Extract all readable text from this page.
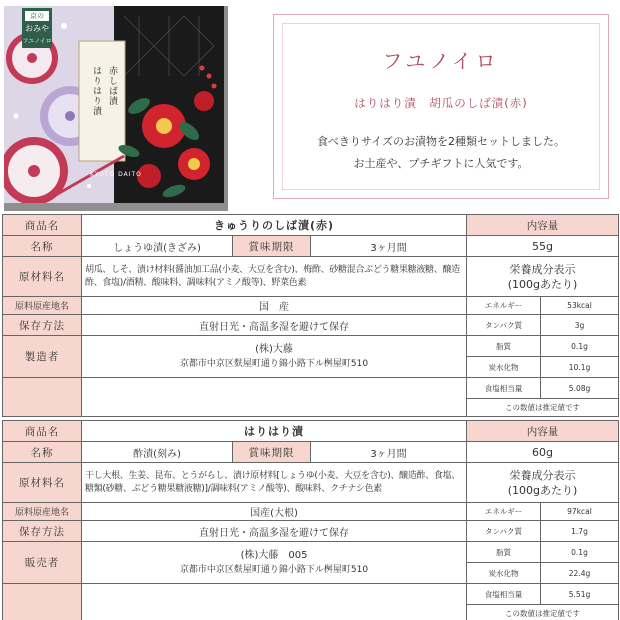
京の
おみや
フユノイロ
赤しば漬
はりはり漬
KYOTO DAITO
フユノイロ
はりはり漬　胡瓜のしば漬(赤)
食べきりサイズのお漬物を2種類セットしました。
お土産や、プチギフトに人気です。
商品名	きゅうりのしば漬(赤)			内容量	
名称	しょうゆ漬(きざみ)	賞味期限	3ヶ月間	55g	
原材料名	胡瓜、しそ、漬け材料(醤油加工品(小麦、大豆を含む)、梅酢、砂糖混合ぶどう糖果糖液糖、醸造酢、食塩)/酒精、酸味料、調味料(アミノ酸等)、野菜色素			栄養成分表示
(100gあたり)	

原料原産地名	国　産			エネルギー	53kcal
保存方法	直射日光・高温多湿を避けて保存			タンパク質	3g
製造者	(株)大藤
京都市中京区麩屋町通り錦小路下ル桝屋町510			脂質	0.1g
				炭水化物	10.1g
				食塩相当量	5.08g
				この数値は推定値です	
商品名	はりはり漬			内容量	
名称	酢漬(刻み)	賞味期限	3ヶ月間	60g	
原材料名	干し大根、生姜、昆布、とうがらし、漬け原材料[しょうゆ(小麦、大豆を含む)、醸造酢、食塩、糖類(砂糖、ぶどう糖果糖液糖)]/調味料(アミノ酸等)、酸味料、クチナシ色素			栄養成分表示
(100gあたり)	

原料原産地名	国産(大根)			エネルギー	97kcal
保存方法	直射日光・高温多湿を避けて保存			タンパク質	1.7g
販売者	(株)大藤　005
京都市中京区麩屋町通り錦小路下ル桝屋町510			脂質	0.1g
				炭水化物	22.4g
				食塩相当量	5.51g
				この数値は推定値です	
